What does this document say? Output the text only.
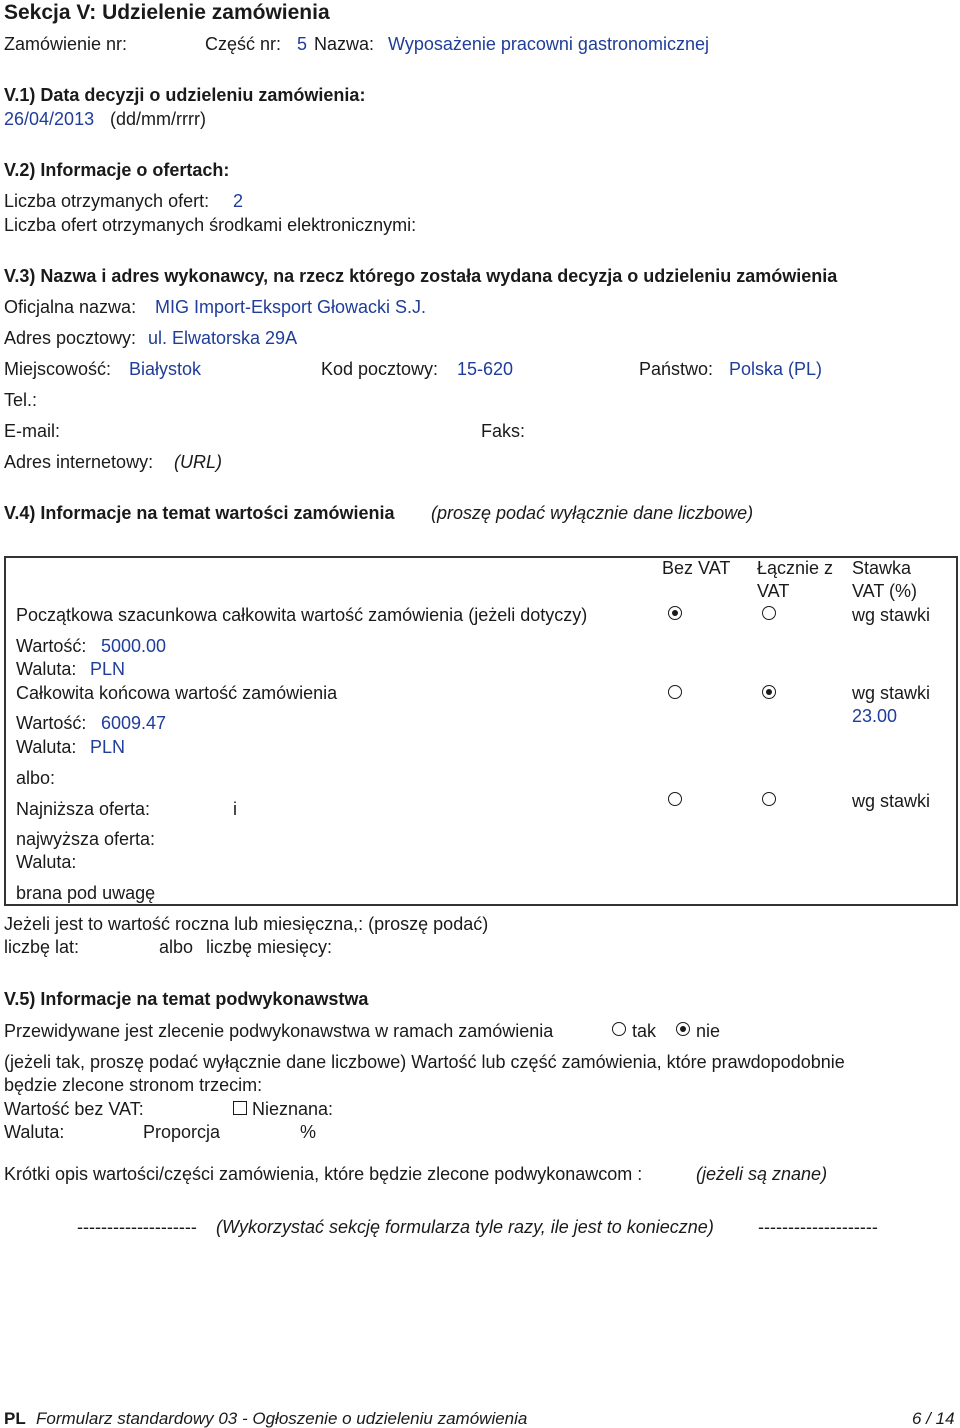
Sekcja V: Udzielenie zamówienia
Zamówienie nr:	Część nr: 5 Nazwa: Wyposażenie pracowni gastronomicznej
V.1) Data decyzji o udzieleniu zamówienia:
26/04/2013 (dd/mm/rrrr)
V.2) Informacje o ofertach:
Liczba otrzymanych ofert: 2
Liczba ofert otrzymanych środkami elektronicznymi:
V.3) Nazwa i adres wykonawcy, na rzecz którego została wydana decyzja o udzieleniu zamówienia
Oficjalna nazwa: MIG Import-Eksport Głowacki S.J.
Adres pocztowy: ul. Elwatorska 29A
Miejscowość: Białystok	Kod pocztowy: 15-620	Państwo: Polska (PL)
Tel.:
E-mail:	Faks:
Adres internetowy: (URL)
V.4) Informacje na temat wartości zamówienia (proszę podać wyłącznie dane liczbowe)
Bez VAT Łącznie z
VAT
Stawka
VAT (%)
Początkowa szacunkowa całkowita wartość zamówienia (jeżeli dotyczy)	wg stawki
Wartość: 5000.00
Waluta: PLN
Całkowita końcowa wartość zamówienia	wg stawki
23.00
Wartość: 6009.47
Waluta: PLN
albo:
Najniższa oferta:	i	wg stawki
najwyższa oferta:
Waluta:
brana pod uwagę
Jeżeli jest to wartość roczna lub miesięczna,: (proszę podać)
liczbę lat:	albo liczbę miesięcy:
V.5) Informacje na temat podwykonawstwa
Przewidywane jest zlecenie podwykonawstwa w ramach zamówienia	tak nie
(jeżeli tak, proszę podać wyłącznie dane liczbowe) Wartość lub część zamówienia, które prawdopodobnie
będzie zlecone stronom trzecim:
Wartość bez VAT:	Nieznana:
Waluta:	Proporcja	%
Krótki opis wartości/części zamówienia, które będzie zlecone podwykonawcom :	(jeżeli są znane)
-------------------- (Wykorzystać sekcję formularza tyle razy, ile jest to konieczne) --------------------
PL Formularz standardowy 03 - Ogłoszenie o udzieleniu zamówienia	6 / 14
